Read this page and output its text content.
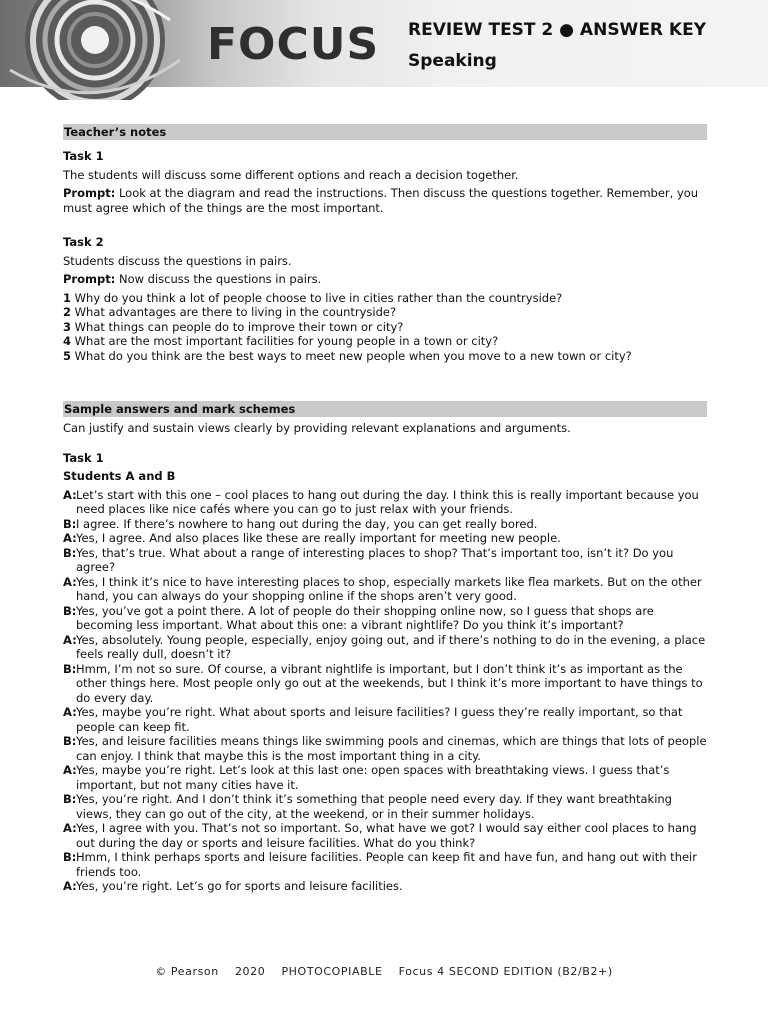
FOCUS REVIEW TEST 2 ● ANSWER KEY
Speaking
Teacher’s notes

Task 1

The students will discuss some different options and reach a decision together.

Prompt: Look at the diagram and read the instructions. Then discuss the questions together. Remember, you must agree which of the things are the most important.

Task 2

Students discuss the questions in pairs.

Prompt: Now discuss the questions in pairs.

1 Why do you think a lot of people choose to live in cities rather than the countryside?

2 What advantages are there to living in the countryside?

3 What things can people do to improve their town or city?

4 What are the most important facilities for young people in a town or city?

5 What do you think are the best ways to meet new people when you move to a new town or city?

Sample answers and mark schemes

Can justify and sustain views clearly by providing relevant explanations and arguments.

Task 1

Students A and B

A: Let’s start with this one – cool places to hang out during the day. I think this is really important because you need places like nice cafés where you can go to just relax with your friends.
B: I agree. If there’s nowhere to hang out during the day, you can get really bored.
A: Yes, I agree. And also places like these are really important for meeting new people.
B: Yes, that’s true. What about a range of interesting places to shop? That’s important too, isn’t it? Do you agree?
A: Yes, I think it’s nice to have interesting places to shop, especially markets like flea markets. But on the other hand, you can always do your shopping online if the shops aren’t very good.
B: Yes, you’ve got a point there. A lot of people do their shopping online now, so I guess that shops are becoming less important. What about this one: a vibrant nightlife? Do you think it’s important?
A: Yes, absolutely. Young people, especially, enjoy going out, and if there’s nothing to do in the evening, a place feels really dull, doesn’t it?
B: Hmm, I’m not so sure. Of course, a vibrant nightlife is important, but I don’t think it’s as important as the other things here. Most people only go out at the weekends, but I think it’s more important to have things to do every day.
A: Yes, maybe you’re right. What about sports and leisure facilities? I guess they’re really important, so that people can keep fit.
B: Yes, and leisure facilities means things like swimming pools and cinemas, which are things that lots of people can enjoy. I think that maybe this is the most important thing in a city.
A: Yes, maybe you’re right. Let’s look at this last one: open spaces with breathtaking views. I guess that’s important, but not many cities have it.
B: Yes, you’re right. And I don’t think it’s something that people need every day. If they want breathtaking views, they can go out of the city, at the weekend, or in their summer holidays.
A: Yes, I agree with you. That’s not so important. So, what have we got? I would say either cool places to hang out during the day or sports and leisure facilities. What do you think?
B: Hmm, I think perhaps sports and leisure facilities. People can keep fit and have fun, and hang out with their friends too.
A: Yes, you’re right. Let’s go for sports and leisure facilities.
© Pearson 2020 PHOTOCOPIABLE Focus 4 SECOND EDITION (B2/B2+)
